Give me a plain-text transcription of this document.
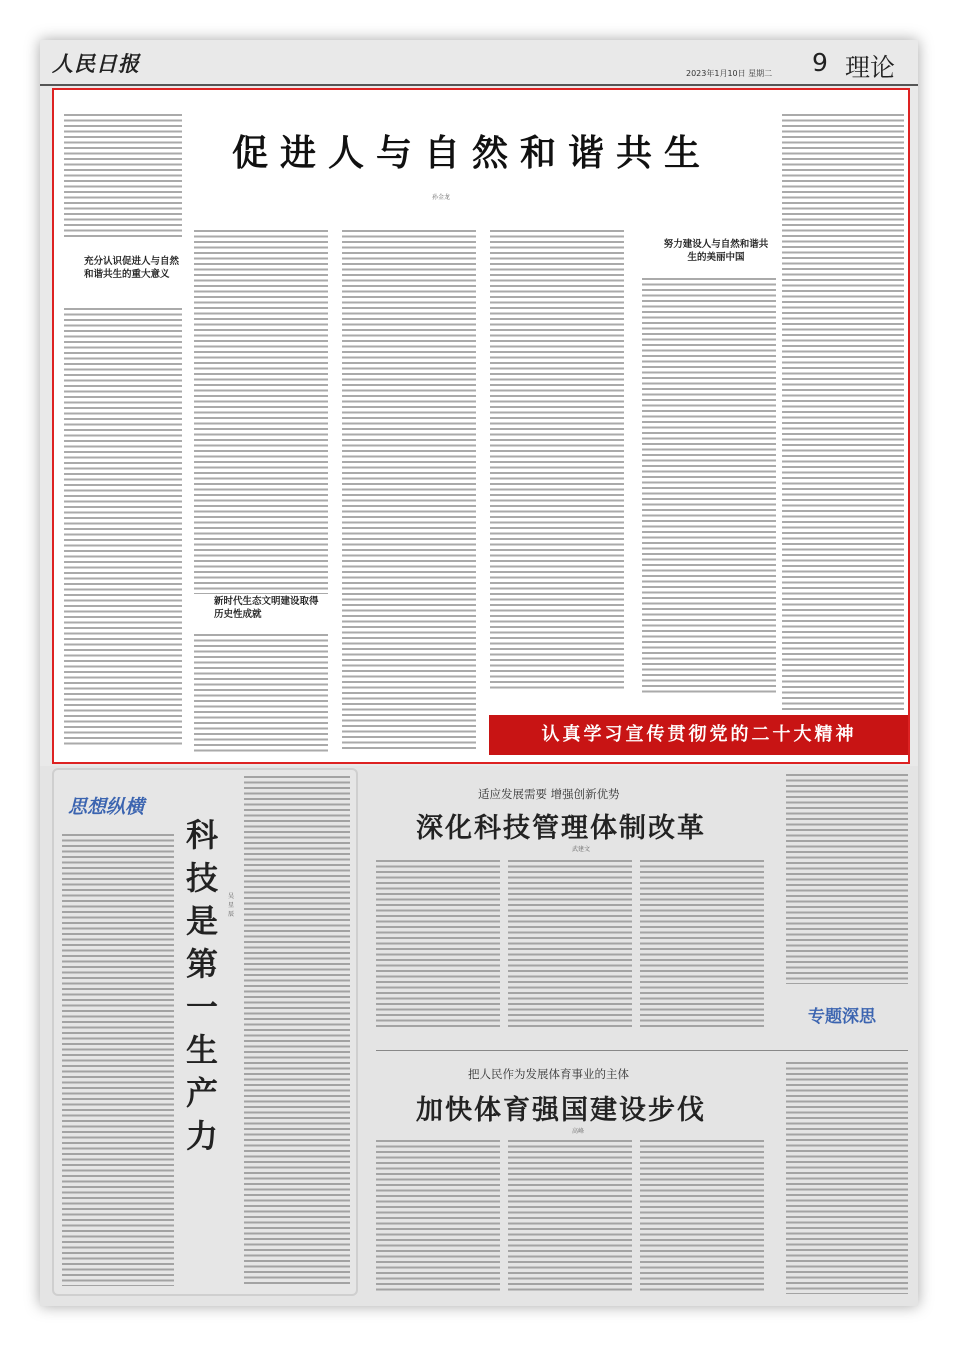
人民日报	2023年1月10日 星期二 9 理论
充分认识促进人与自然和谐共生的重大意义
促进人与自然和谐共生
孙金龙
新时代生态文明建设取得历史性成就
努力建设人与自然和谐共生的美丽中国
认真学习宣传贯彻党的二十大精神
思想纵横
科技是第一生产力
吴星辰
适应发展需要 增强创新优势
深化科技管理体制改革
武建文
专题深思
把人民作为发展体育事业的主体
加快体育强国建设步伐
高峰
